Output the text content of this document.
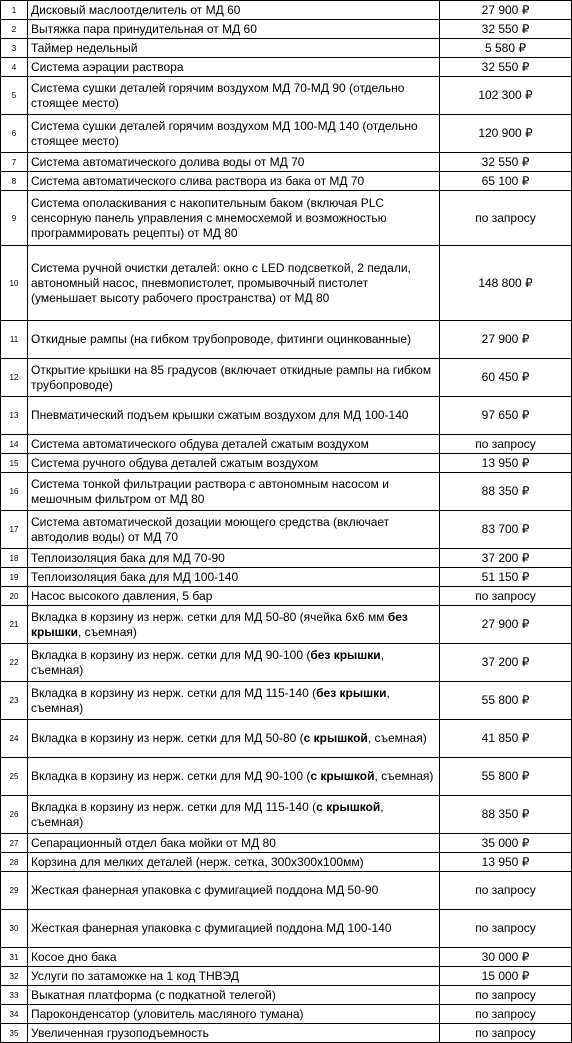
1	Дисковый маслоотделитель от МД 60	27 900 ₽
2	Вытяжка пара принудительная от МД 60	32 550 ₽
3	Таймер недельный	5 580 ₽
4	Система аэрации раствора	32 550 ₽
5	Система сушки деталей горячим воздухом МД 70-МД 90 (отдельно стоящее место)	102 300 ₽
6	Система сушки деталей горячим воздухом МД 100-МД 140 (отдельно стоящее место)	120 900 ₽
7	Система автоматического долива воды от МД 70	32 550 ₽
8	Система автоматического слива раствора из бака от МД 70	65 100 ₽
9	Система ополаскивания с накопительным баком (включая PLC сенсорную панель управления с мнемосхемой и возможностью программировать рецепты) от МД 80	по запросу
10	Система ручной очистки деталей: окно с LED подсветкой, 2 педали, автономный насос, пневмопистолет, промывочный пистолет (уменьшает высоту рабочего пространства) от МД 80	148 800 ₽
11	Откидные рампы (на гибком трубопроводе, фитинги оцинкованные)	27 900 ₽
12	Открытие крышки на 85 градусов (включает откидные рампы на гибком трубопроводе)	60 450 ₽
13	Пневматический подъем крышки сжатым воздухом для МД 100-140	97 650 ₽
14	Система автоматического обдува деталей сжатым воздухом	по запросу
15	Система ручного обдува деталей сжатым воздухом	13 950 ₽
16	Система тонкой фильтрации раствора с автономным насосом и мешочным фильтром от МД 80	88 350 ₽
17	Система автоматической дозации моющего средства (включает автодолив воды) от МД 70	83 700 ₽
18	Теплоизоляция бака для МД 70-90	37 200 ₽
19	Теплоизоляция бака для МД 100-140	51 150 ₽
20	Насос высокого давления, 5 бар	по запросу
21	Вкладка в корзину из нерж. сетки для МД 50-80 (ячейка 6х6 мм без крышки, съемная)	27 900 ₽
22	Вкладка в корзину из нерж. сетки для МД 90-100 (без крышки, съемная)	37 200 ₽
23	Вкладка в корзину из нерж. сетки для МД 115-140 (без крышки, съемная)	55 800 ₽
24	Вкладка в корзину из нерж. сетки для МД 50-80 (с крышкой, съемная)	41 850 ₽
25	Вкладка в корзину из нерж. сетки для МД 90-100 (с крышкой, съемная)	55 800 ₽
26	Вкладка в корзину из нерж. сетки для МД 115-140 (с крышкой, съемная)	88 350 ₽
27	Сепарационный отдел бака мойки от МД 80	35 000 ₽
28	Корзина для мелких деталей (нерж. сетка, 300х300х100мм)	13 950 ₽
29	Жесткая фанерная упаковка с фумигацией поддона МД 50-90	по запросу
30	Жесткая фанерная упаковка с фумигацией поддона МД 100-140	по запросу
31	Косое дно бака	30 000 ₽
32	Услуги по затаможке на 1 код ТНВЭД	15 000 ₽
33	Выкатная платформа (с подкатной телегой)	по запросу
34	Пароконденсатор (уловитель масляного тумана)	по запросу
35	Увеличенная грузоподъемность	по запросу
